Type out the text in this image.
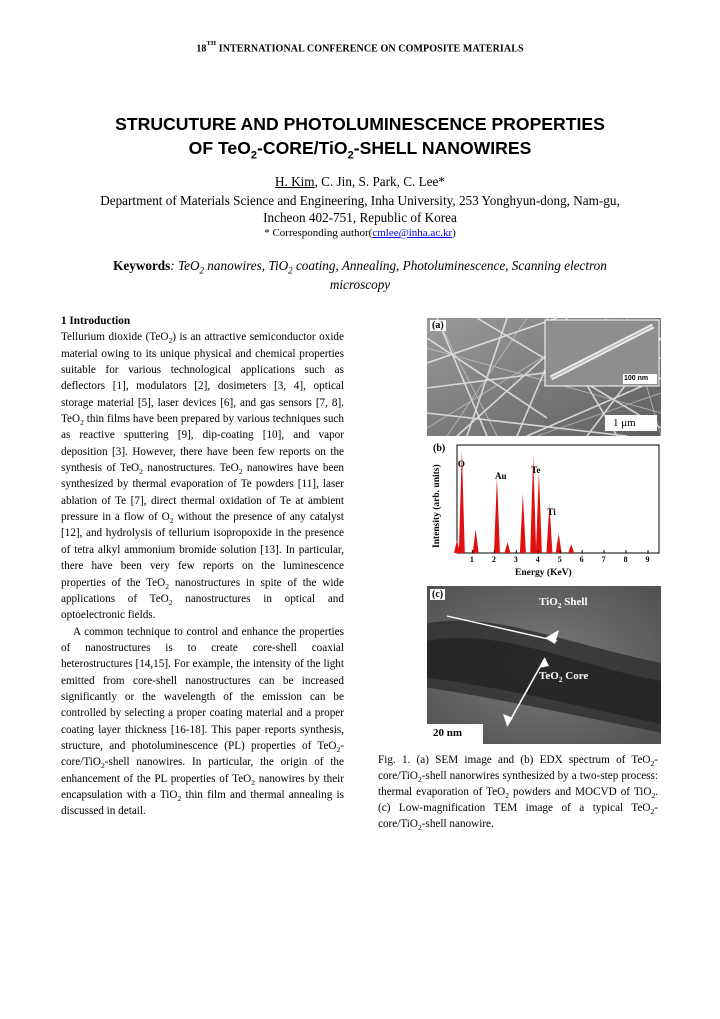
18TH INTERNATIONAL CONFERENCE ON COMPOSITE MATERIALS
STRUCUTURE AND PHOTOLUMINESCENCE PROPERTIES
OF TeO$_2$-CORE/TiO$_2$-SHELL NANOWIRES
H. Kim, C. Jin, S. Park, C. Lee*
Department of Materials Science and Engineering, Inha University, 253 Yonghyun-dong, Nam-gu, Incheon 402-751, Republic of Korea
* Corresponding author(cmlee@inha.ac.kr)
Keywords: TeO$_2$ nanowires, TiO$_2$ coating, Annealing, Photoluminescence, Scanning electron microscopy
1 Introduction

Tellurium dioxide (TeO$_2$) is an attractive semiconductor oxide material owing to its unique physical and chemical properties suitable for various technological applications such as deflectors [1], modulators [2], dosimeters [3, 4], optical storage material [5], laser devices [6], and gas sensors [7, 8]. TeO$_2$ thin films have been prepared by various techniques such as reactive sputtering [9], dip-coating [10], and vapor deposition [3]. However, there have been few reports on the synthesis of TeO$_2$ nanostructures. TeO$_2$ nanowires have been synthesized by thermal evaporation of Te powders [11], laser ablation of Te [7], direct thermal oxidation of Te at ambient pressure in a flow of $O_2$ without the presence of any catalyst [12], and hydrolysis of tellurium isopropoxide in the presence of tetra alkyl ammonium bromide solution [13]. In particular, there have been very few reports on the luminescence properties of the TeO$_2$ nanostructures in spite of the wide applications of TeO$_2$ nanostructures in optical and optoelectronic fields.

A common technique to control and enhance the properties of nanostructures is to create core-shell coaxial heterostructures [14,15]. For example, the intensity of the light emitted from core-shell nanostructures can be increased significantly or the wavelength of the emission can be controlled by selecting a proper coating material and a proper coating layer thickness [16-18]. This paper reports synthesis, structure, and photoluminescence (PL) properties of TeO$_2$-core/TiO$_2$-shell nanowires. In particular, the origin of the enhancement of the PL properties of TeO$_2$ nanowires by their encapsulation with a TiO$_2$ thin film and thermal annealing is discussed in detail.

(a)
100 nm
1 μm
1 2 3 4 5 6 7 8 9
O
Au
Te
Ti
Intensity (arb. units)
Energy (KeV)
(b)
(c)
TiO$_2$ Shell
TeO$_2$ Core
20 nm
Fig. 1. (a) SEM image and (b) EDX spectrum of TeO$_2$-core/TiO$_2$-shell nanorwires synthesized by a two-step process: thermal evaporation of TeO$_2$ powders and MOCVD of TiO$_2$. (c) Low-magnification TEM image of a typical TeO$_2$-core/TiO$_2$-shell nanowire.
